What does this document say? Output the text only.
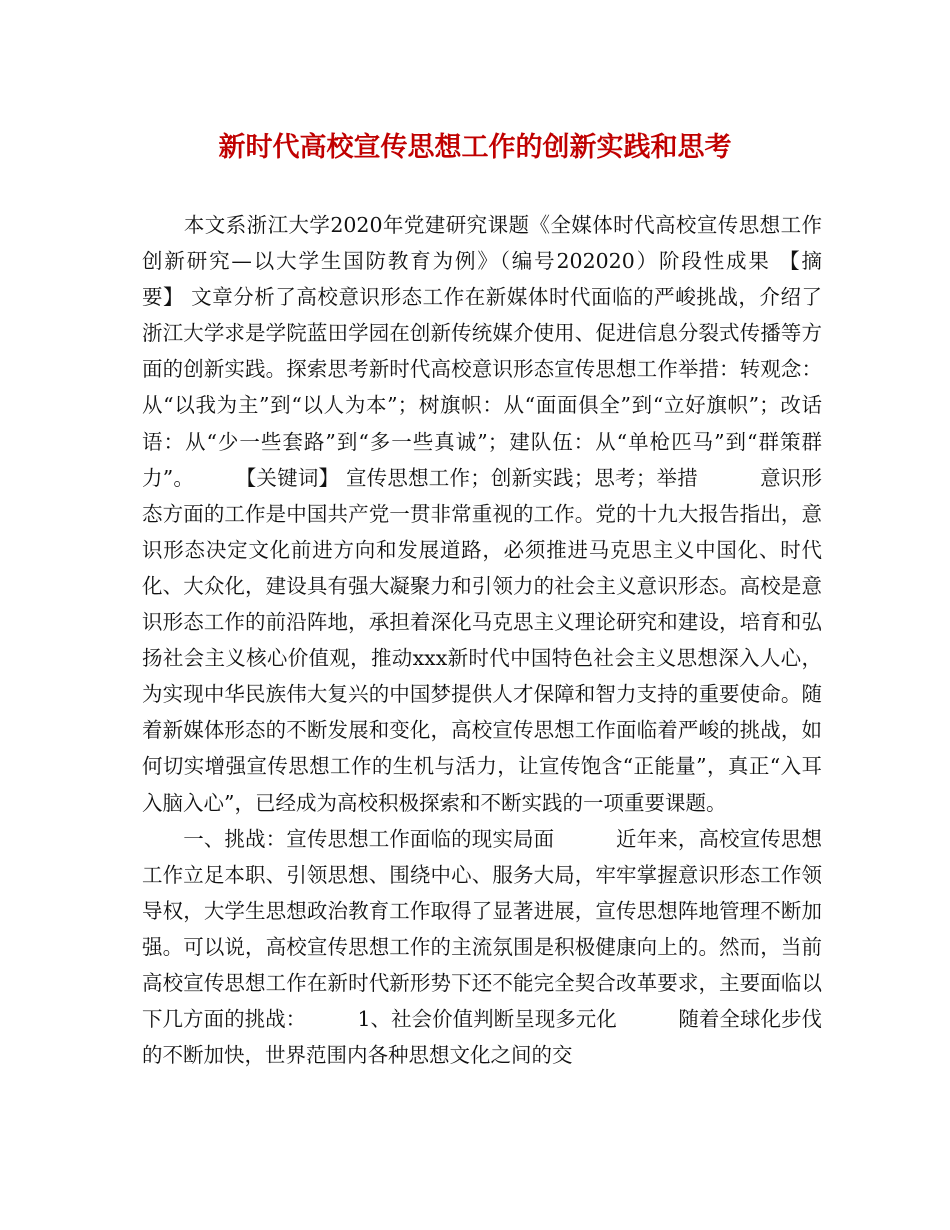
新时代高校宣传思想工作的创新实践和思考

　　本文系浙江大学2020年党建研究课题《全媒体时代高校宣传思想工作创新研究—以大学生国防教育为例》（编号202020）阶段性成果 【摘　要】 文章分析了高校意识形态工作在新媒体时代面临的严峻挑战，介绍了浙江大学求是学院蓝田学园在创新传统媒介使用、促进信息分裂式传播等方面的创新实践。探索思考新时代高校意识形态宣传思想工作举措：转观念：从“以我为主”到“以人为本”；树旗帜：从“面面俱全”到“立好旗帜”；改话语：从“少一些套路”到“多一些真诚”；建队伍：从“单枪匹马”到“群策群力”。　　　【关键词】 宣传思想工作；创新实践；思考；举措　　　意识形态方面的工作是中国共产党一贯非常重视的工作。党的十九大报告指出，意识形态决定文化前进方向和发展道路，必须推进马克思主义中国化、时代化、大众化，建设具有强大凝聚力和引领力的社会主义意识形态。高校是意识形态工作的前沿阵地，承担着深化马克思主义理论研究和建设，培育和弘扬社会主义核心价值观，推动xxx新时代中国特色社会主义思想深入人心，为实现中华民族伟大复兴的中国梦提供人才保障和智力支持的重要使命。随着新媒体形态的不断发展和变化，高校宣传思想工作面临着严峻的挑战，如何切实增强宣传思想工作的生机与活力，让宣传饱含“正能量”，真正“入耳入脑入心”，已经成为高校积极探索和不断实践的一项重要课题。
　　一、挑战：宣传思想工作面临的现实局面　　　近年来，高校宣传思想工作立足本职、引领思想、围绕中心、服务大局，牢牢掌握意识形态工作领导权，大学生思想政治教育工作取得了显著进展，宣传思想阵地管理不断加强。可以说，高校宣传思想工作的主流氛围是积极健康向上的。然而，当前高校宣传思想工作在新时代新形势下还不能完全契合改革要求，主要面临以下几方面的挑战：　　　1、社会价值判断呈现多元化　　　随着全球化步伐的不断加快，世界范围内各种思想文化之间的交
